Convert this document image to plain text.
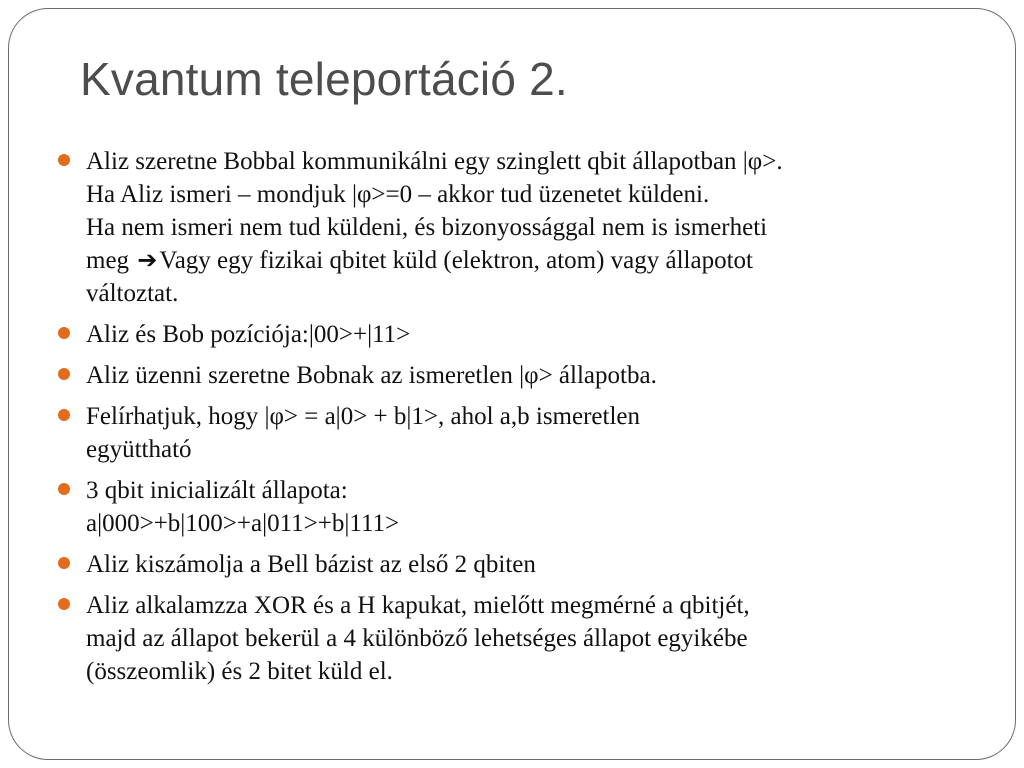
Kvantum teleportáció 2.
Aliz szeretne Bobbal kommunikálni egy szinglett qbit állapotban |φ>.
Ha Aliz ismeri – mondjuk |φ>=0 – akkor tud üzenetet küldeni.
Ha nem ismeri nem tud küldeni, és bizonyossággal nem is ismerheti
meg ➔Vagy egy fizikai qbitet küld (elektron, atom) vagy állapotot
változtat.
Aliz és Bob pozíciója:|00>+|11>
Aliz üzenni szeretne Bobnak az ismeretlen |φ> állapotba.
Felírhatjuk, hogy |φ> = a|0> + b|1>, ahol a,b ismeretlen
együttható
3 qbit inicializált állapota:
a|000>+b|100>+a|011>+b|111>
Aliz kiszámolja a Bell bázist az első 2 qbiten
Aliz alkalamzza XOR és a H kapukat, mielőtt megmérné a qbitjét,
majd az állapot bekerül a 4 különböző lehetséges állapot egyikébe
(összeomlik) és 2 bitet küld el.
